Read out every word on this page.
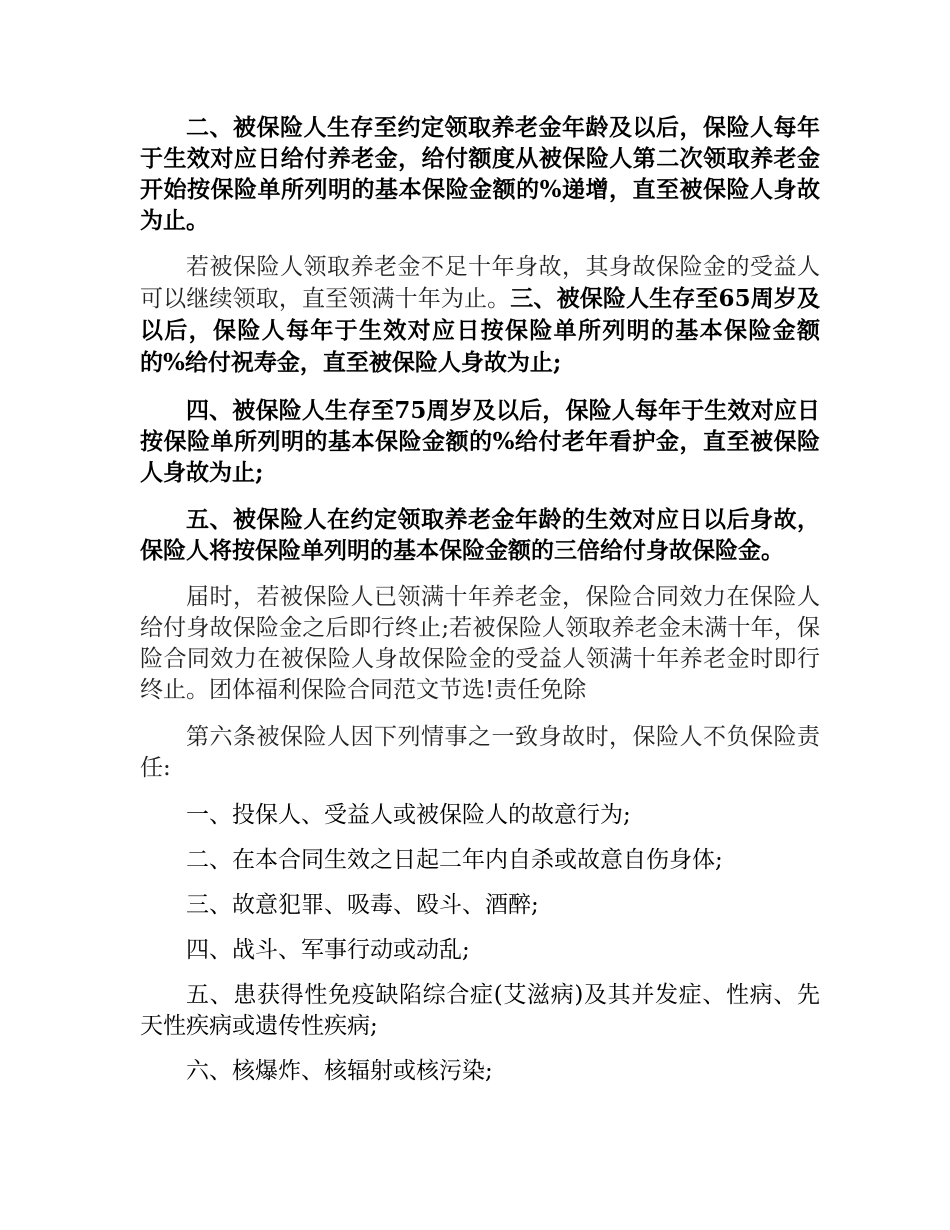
二、被保险人生存至约定领取养老金年龄及以后，保险人每年于生效对应日给付养老金，给付额度从被保险人第二次领取养老金开始按保险单所列明的基本保险金额的%递增，直至被保险人身故为止。

若被保险人领取养老金不足十年身故，其身故保险金的受益人可以继续领取，直至领满十年为止。三、被保险人生存至65周岁及以后，保险人每年于生效对应日按保险单所列明的基本保险金额的%给付祝寿金，直至被保险人身故为止;

四、被保险人生存至75周岁及以后，保险人每年于生效对应日按保险单所列明的基本保险金额的%给付老年看护金，直至被保险人身故为止;

五、被保险人在约定领取养老金年龄的生效对应日以后身故，保险人将按保险单列明的基本保险金额的三倍给付身故保险金。

届时，若被保险人已领满十年养老金，保险合同效力在保险人给付身故保险金之后即行终止;若被保险人领取养老金未满十年，保险合同效力在被保险人身故保险金的受益人领满十年养老金时即行终止。团体福利保险合同范文节选!责任免除

第六条被保险人因下列情事之一致身故时，保险人不负保险责任:

一、投保人、受益人或被保险人的故意行为;

二、在本合同生效之日起二年内自杀或故意自伤身体;

三、故意犯罪、吸毒、殴斗、酒醉;

四、战斗、军事行动或动乱;

五、患获得性免疫缺陷综合症(艾滋病)及其并发症、性病、先天性疾病或遗传性疾病;

六、核爆炸、核辐射或核污染;
